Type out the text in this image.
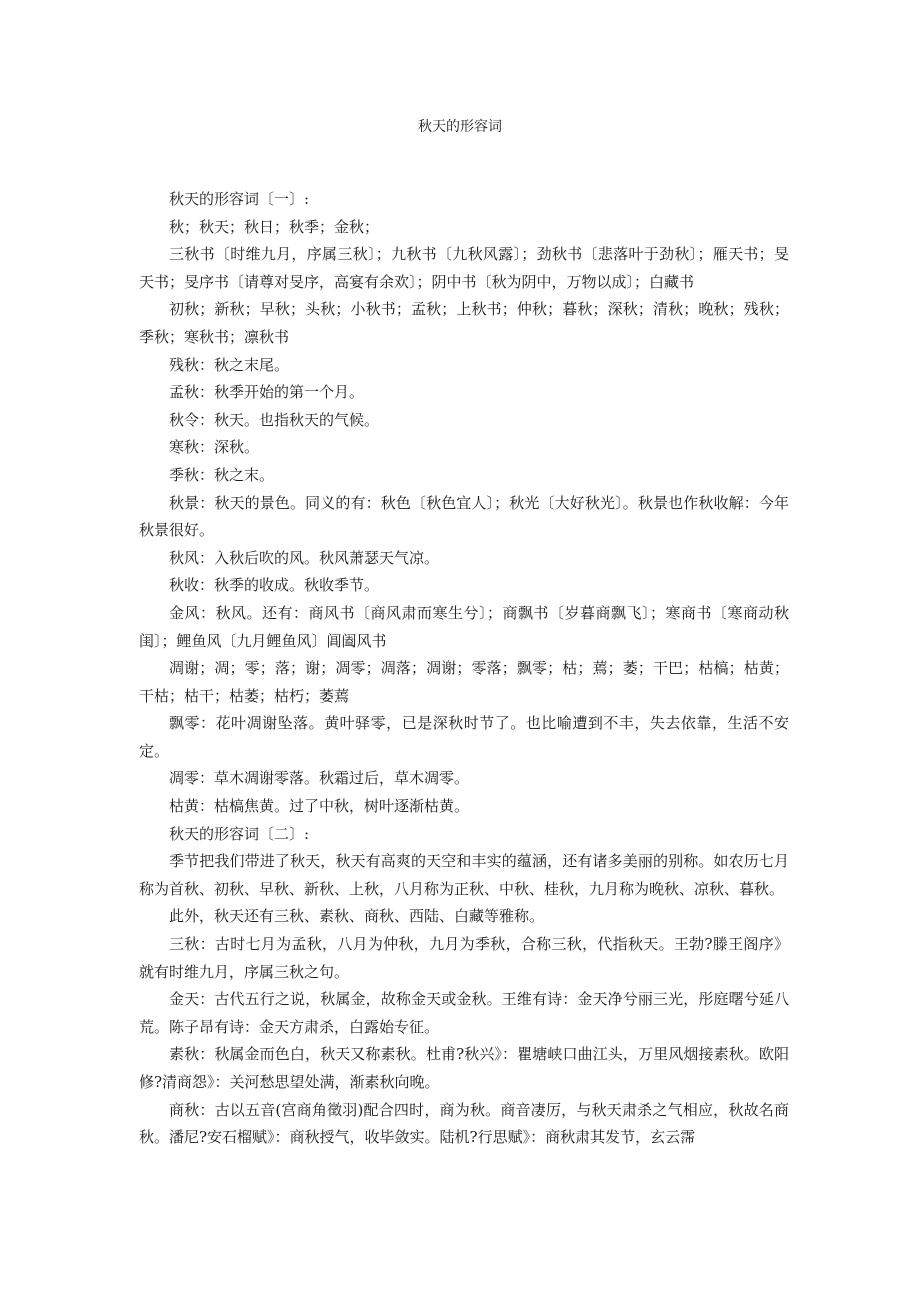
秋天的形容词

秋天的形容词〔一〕:

秋；秋天；秋日；秋季；金秋；

三秋书〔时维九月，序属三秋〕；九秋书〔九秋风露〕；劲秋书〔悲落叶于劲秋〕；雁天书；旻天书；旻序书〔请尊对旻序，高宴有余欢〕；阴中书〔秋为阴中，万物以成〕；白藏书

初秋；新秋；早秋；头秋；小秋书；孟秋；上秋书；仲秋；暮秋；深秋；清秋；晚秋；残秋；季秋；寒秋书；凛秋书

残秋：秋之末尾。

孟秋：秋季开始的第一个月。

秋令：秋天。也指秋天的气候。

寒秋：深秋。

季秋：秋之末。

秋景：秋天的景色。同义的有：秋色〔秋色宜人〕；秋光〔大好秋光〕。秋景也作秋收解：今年秋景很好。

秋风：入秋后吹的风。秋风萧瑟天气凉。

秋收：秋季的收成。秋收季节。

金风：秋风。还有：商风书〔商风肃而寒生兮〕；商飘书〔岁暮商飘飞〕；寒商书〔寒商动秋闺〕；鲤鱼风〔九月鲤鱼风〕阊阖风书

凋谢；凋；零；落；谢；凋零；凋落；凋谢；零落；飘零；枯；蔫；萎；干巴；枯槁；枯黄；干枯；枯干；枯萎；枯朽；萎蔫

飘零：花叶凋谢坠落。黄叶驿零，已是深秋时节了。也比喻遭到不丰，失去依靠，生活不安定。

凋零：草木凋谢零落。秋霜过后，草木凋零。

枯黄：枯槁焦黄。过了中秋，树叶逐渐枯黄。

秋天的形容词〔二〕:

季节把我们带进了秋天，秋天有高爽的天空和丰实的蕴涵，还有诸多美丽的别称。如农历七月称为首秋、初秋、早秋、新秋、上秋，八月称为正秋、中秋、桂秋，九月称为晚秋、凉秋、暮秋。

此外，秋天还有三秋、素秋、商秋、西陆、白藏等雅称。

三秋：古时七月为孟秋，八月为仲秋，九月为季秋，合称三秋，代指秋天。王勃?滕王阁序》就有时维九月，序属三秋之句。

金天：古代五行之说，秋属金，故称金天或金秋。王维有诗：金天净兮丽三光，彤庭曙兮延八荒。陈子昂有诗：金天方肃杀，白露始专征。

素秋：秋属金而色白，秋天又称素秋。杜甫?秋兴》：瞿塘峡口曲江头，万里风烟接素秋。欧阳修?清商怨》：关河愁思望处满，渐素秋向晚。

商秋：古以五音(宫商角徵羽)配合四时，商为秋。商音凄厉，与秋天肃杀之气相应，秋故名商秋。潘尼?安石榴赋》：商秋授气，收毕敛实。陆机?行思赋》：商秋肃其发节，玄云霈
